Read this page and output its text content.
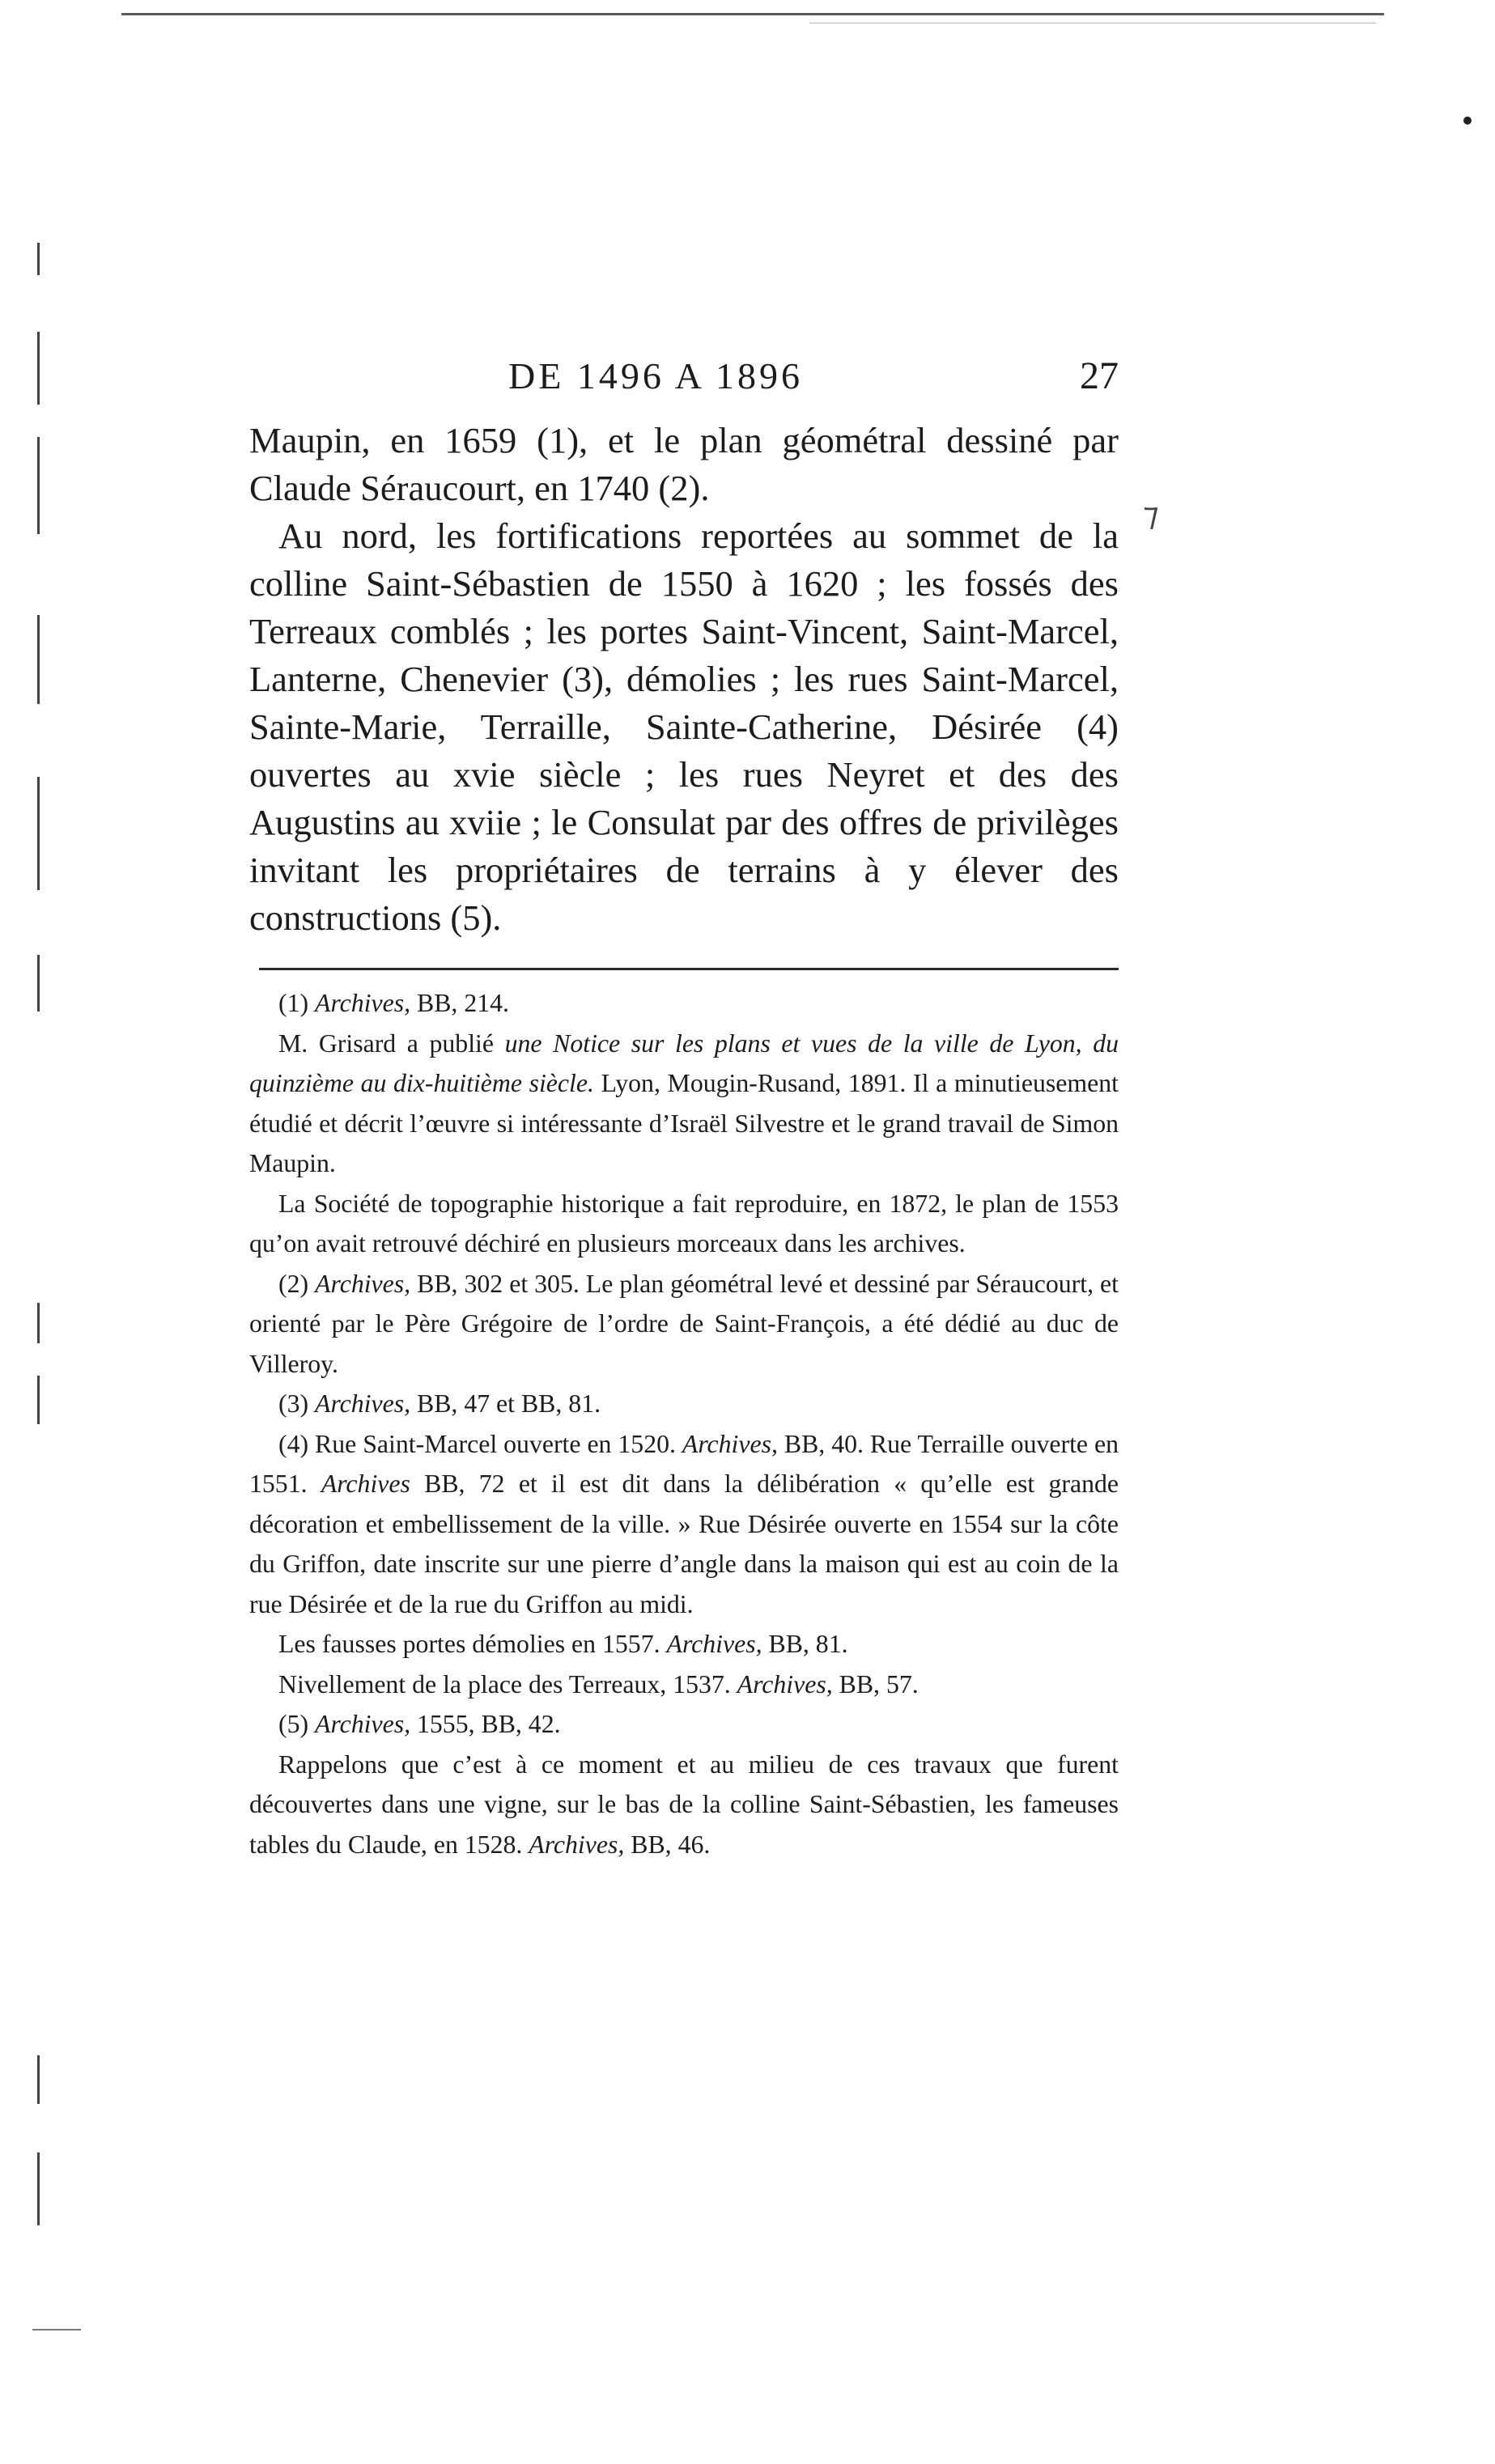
⁊
DE 1496 A 1896	27

Maupin, en 1659 (1), et le plan géométral dessiné par Claude Séraucourt, en 1740 (2).

Au nord, les fortifications reportées au sommet de la colline Saint-Sébastien de 1550 à 1620 ; les fossés des Terreaux comblés ; les portes Saint-Vincent, Saint-Marcel, Lanterne, Chenevier (3), démolies ; les rues Saint-Marcel, Sainte-Marie, Terraille, Sainte-Catherine, Désirée (4) ouvertes au xvie siècle ; les rues Neyret et des des Augustins au xviie ; le Consulat par des offres de privilèges invitant les propriétaires de terrains à y élever des constructions (5).

(1) Archives, BB, 214.

M. Grisard a publié une Notice sur les plans et vues de la ville de Lyon, du quinzième au dix-huitième siècle. Lyon, Mougin-Rusand, 1891. Il a minutieusement étudié et décrit l’œuvre si intéressante d’Israël Silvestre et le grand travail de Simon Maupin.

La Société de topographie historique a fait reproduire, en 1872, le plan de 1553 qu’on avait retrouvé déchiré en plusieurs morceaux dans les archives.

(2) Archives, BB, 302 et 305. Le plan géométral levé et dessiné par Séraucourt, et orienté par le Père Grégoire de l’ordre de Saint-François, a été dédié au duc de Villeroy.

(3) Archives, BB, 47 et BB, 81.

(4) Rue Saint-Marcel ouverte en 1520. Archives, BB, 40. Rue Terraille ouverte en 1551. Archives BB, 72 et il est dit dans la délibération « qu’elle est grande décoration et embellissement de la ville. » Rue Désirée ouverte en 1554 sur la côte du Griffon, date inscrite sur une pierre d’angle dans la maison qui est au coin de la rue Désirée et de la rue du Griffon au midi.

Les fausses portes démolies en 1557. Archives, BB, 81.

Nivellement de la place des Terreaux, 1537. Archives, BB, 57.

(5) Archives, 1555, BB, 42.

Rappelons que c’est à ce moment et au milieu de ces travaux que furent découvertes dans une vigne, sur le bas de la colline Saint-Sébastien, les fameuses tables du Claude, en 1528. Archives, BB, 46.
